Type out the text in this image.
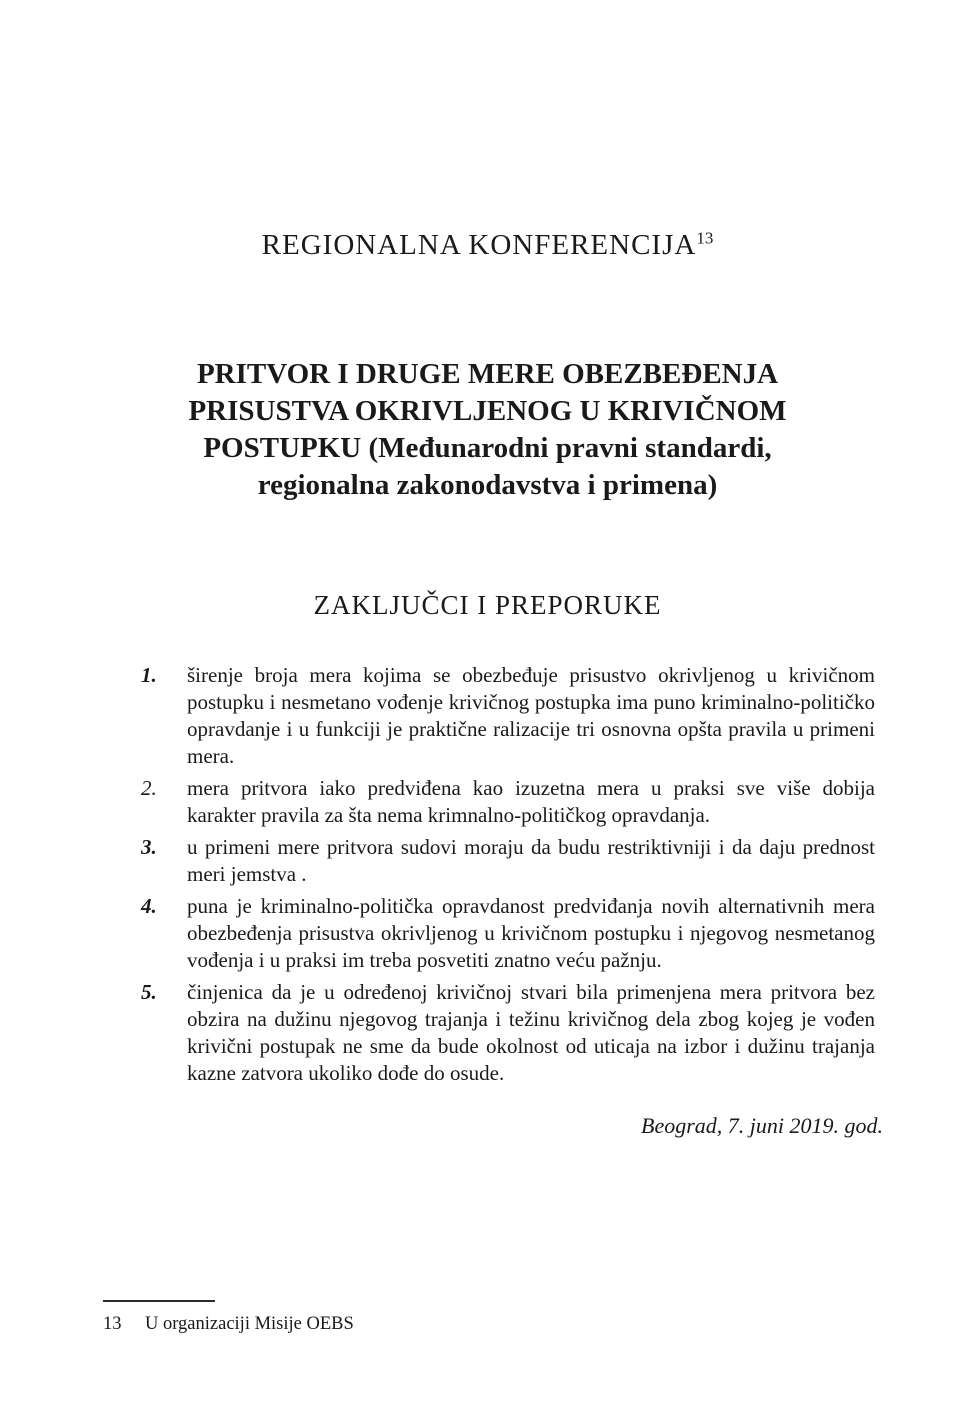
REGIONALNA KONFERENCIJA$^{13}$
PRITVOR I DRUGE MERE OBEZBEĐENJA
PRISUSTVA OKRIVLJENOG U KRIVIČNOM
POSTUPKU (Međunarodni pravni standardi,
regionalna zakonodavstva i primena)
ZAKLJUČCI I PREPORUKE
1.	širenje broja mera kojima se obezbeđuje prisustvo okrivljenog u krivičnom postupku i nesmetano vođenje krivičnog postupka ima puno kriminalno-političko opravdanje i u funkciji je praktične ralizacije tri osnovna opšta pravila u primeni mera.
2.	mera pritvora iako predviđena kao izuzetna mera u praksi sve više dobija karakter pravila za šta nema krimnalno-političkog opravdanja.
3.	u primeni mere pritvora sudovi moraju da budu restriktivniji i da daju prednost meri jemstva .
4.	puna je kriminalno-politička opravdanost predviđanja novih alternativnih mera obezbeđenja prisustva okrivljenog u krivičnom postupku i njegovog nesmetanog vođenja i u praksi im treba posvetiti znatno veću pažnju.
5.	činjenica da je u određenoj krivičnoj stvari bila primenjena mera pritvora bez obzira na dužinu njegovog trajanja i težinu krivičnog dela zbog kojeg je vođen krivični postupak ne sme da bude okolnost od uticaja na izbor i dužinu trajanja kazne zatvora ukoliko dođe do osude.
Beograd, 7. juni 2019. god.
13	U organizaciji Misije OEBS
